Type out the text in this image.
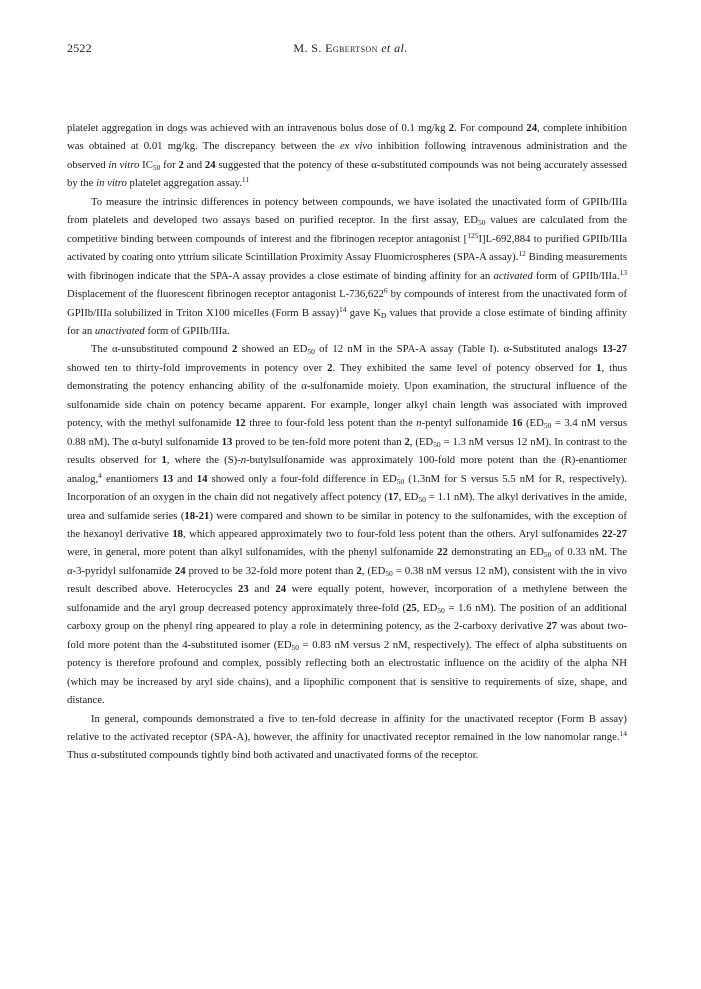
2522	M. S. Egbertson et al.

platelet aggregation in dogs was achieved with an intravenous bolus dose of 0.1 mg/kg 2. For compound 24, complete inhibition was obtained at 0.01 mg/kg. The discrepancy between the ex vivo inhibition following intravenous administration and the observed in vitro $IC_{50}$ for 2 and 24 suggested that the potency of these α-substituted compounds was not being accurately assessed by the in vitro platelet aggregation assay.$^{11}$

To measure the intrinsic differences in potency between compounds, we have isolated the unactivated form of GPIIb/IIIa from platelets and developed two assays based on purified receptor. In the first assay, $ED_{50}$ values are calculated from the competitive binding between compounds of interest and the fibrinogen receptor antagonist [$^{125}$I]L-692,884 to purified GPIIb/IIIa activated by coating onto yttrium silicate Scintillation Proximity Assay Fluomicrospheres (SPA-A assay).$^{12}$ Binding measurements with fibrinogen indicate that the SPA-A assay provides a close estimate of binding affinity for an activated form of GPIIb/IIIa.$^{13}$ Displacement of the fluorescent fibrinogen receptor antagonist L-736,622$^6$ by compounds of interest from the unactivated form of GPIIb/IIIa solubilized in Triton X100 micelles (Form B assay)$^{14}$ gave $K_D$ values that provide a close estimate of binding affinity for an unactivated form of GPIIb/IIIa.

The α-unsubstituted compound 2 showed an $ED_{50}$ of 12 nM in the SPA-A assay (Table I). α-Substituted analogs 13-27 showed ten to thirty-fold improvements in potency over 2. They exhibited the same level of potency observed for 1, thus demonstrating the potency enhancing ability of the α-sulfonamide moiety. Upon examination, the structural influence of the sulfonamide side chain on potency became apparent. For example, longer alkyl chain length was associated with improved potency, with the methyl sulfonamide 12 three to four-fold less potent than the n-pentyl sulfonamide 16 ($ED_{50} = 3.4$ nM versus 0.88 nM). The α-butyl sulfonamide 13 proved to be ten-fold more potent than 2, ($ED_{50} = 1.3$ nM versus 12 nM). In contrast to the results observed for 1, where the (S)-n-butylsulfonamide was approximately 100-fold more potent than the (R)-enantiomer analog,$^4$ enantiomers 13 and 14 showed only a four-fold difference in $ED_{50}$ (1.3nM for S versus 5.5 nM for R, respectively). Incorporation of an oxygen in the chain did not negatively affect potency (17, $ED_{50} = 1.1$ nM). The alkyl derivatives in the amide, urea and sulfamide series (18-21) were compared and shown to be similar in potency to the sulfonamides, with the exception of the hexanoyl derivative 18, which appeared approximately two to four-fold less potent than the others. Aryl sulfonamides 22-27 were, in general, more potent than alkyl sulfonamides, with the phenyl sulfonamide 22 demonstrating an $ED_{50}$ of 0.33 nM. The α-3-pyridyl sulfonamide 24 proved to be 32-fold more potent than 2, ($ED_{50} = 0.38$ nM versus 12 nM), consistent with the in vivo result described above. Heterocycles 23 and 24 were equally potent, however, incorporation of a methylene between the sulfonamide and the aryl group decreased potency approximately three-fold (25, $ED_{50} = 1.6$ nM). The position of an additional carboxy group on the phenyl ring appeared to play a role in determining potency, as the 2-carboxy derivative 27 was about two-fold more potent than the 4-substituted isomer ($ED_{50} = 0.83$ nM versus 2 nM, respectively). The effect of alpha substituents on potency is therefore profound and complex, possibly reflecting both an electrostatic influence on the acidity of the alpha NH (which may be increased by aryl side chains), and a lipophilic component that is sensitive to requirements of size, shape, and distance.

In general, compounds demonstrated a five to ten-fold decrease in affinity for the unactivated receptor (Form B assay) relative to the activated receptor (SPA-A), however, the affinity for unactivated receptor remained in the low nanomolar range.$^{14}$ Thus α-substituted compounds tightly bind both activated and unactivated forms of the receptor.
